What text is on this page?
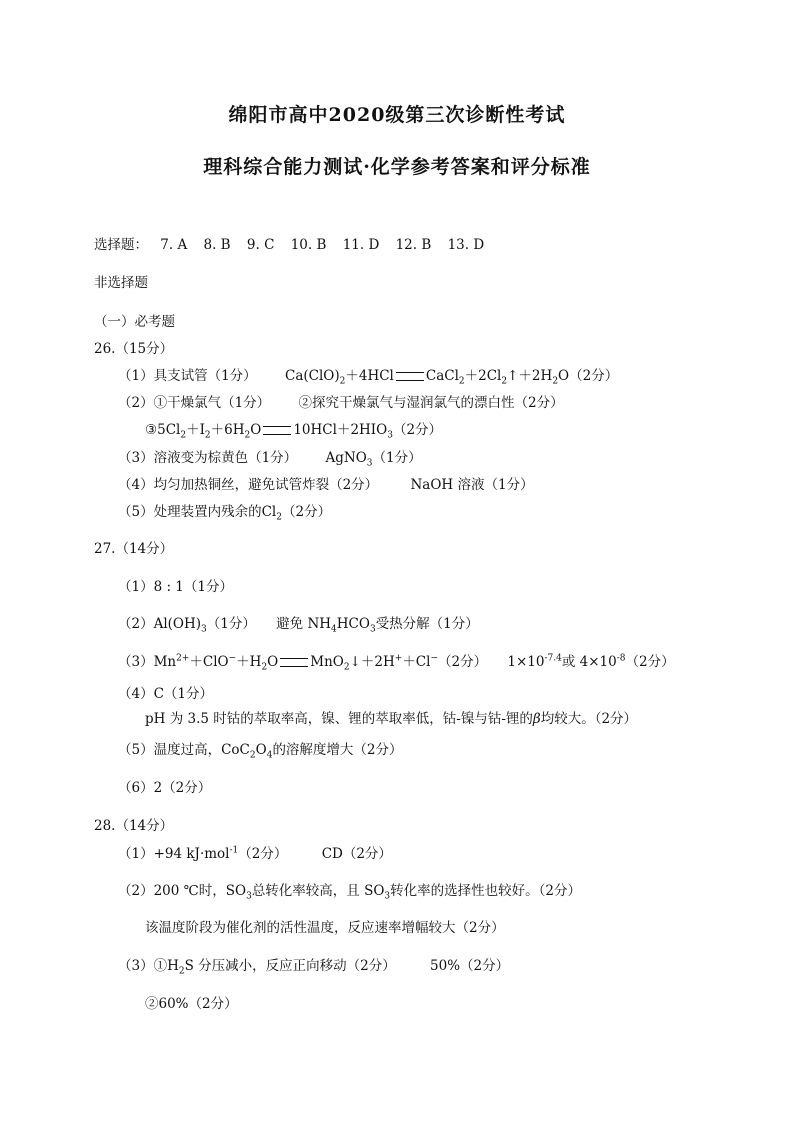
绵阳市高中2020级第三次诊断性考试
理科综合能力测试·化学参考答案和评分标准
选择题： 7. A 8. B 9. C 10. B 11. D 12. B 13. D
非选择题
（一）必考题
26.（15分）
（1）具支试管（1分） $Ca(ClO)_2+4HCl$ $CaCl_2+2Cl_2↑+2H_2O(2$分）
（2）①干燥氯气（1分） ②探究干燥氯气与湿润氯气的漂白性（2分）
$③5Cl_2+I_2+6H_2O$ $10HCl+2HIO_3(2$分）
（3）溶液变为棕黄色（1分） AgNO$_3$（1分）
（4）均匀加热铜丝，避免试管炸裂（2分） NaOH 溶液（1分）
（5）处理装置内残余的$Cl_2(2$分）
27.（14分）
（1）8 : 1（1分）
$(2)Al(OH)_3(1$分） 避免 $NH_4HCO_3$受热分解（1分）
$(3)Mn^{2+}+ClO^-+H_2O$ MnO$_2$↓＋2H+＋Cl−（2分） $1\times 10^{-7.4}$或 $4\times 10^{-8}(2$分）
（4）C（1分）
pH 为 3.5 时钴的萃取率高，镍、锂的萃取率低，钴-镍与钴-锂的β均较大。（2分）
（5）温度过高，$CoC_2O_4$的溶解度增大（2分）
（6）2（2分）
28.（14分）
（1）+94 kJ·mol$^{-1}$（2分）	CD（2分）
（2）200 ℃时，$SO_3$总转化率较高，且 $SO_3$转化率的选择性也较好。（2分）
该温度阶段为催化剂的活性温度，反应速率增幅较大（2分）
$(3)①H_2S$ 分压减小，反应正向移动（2分）	50%（2分）
②60%（2分）
